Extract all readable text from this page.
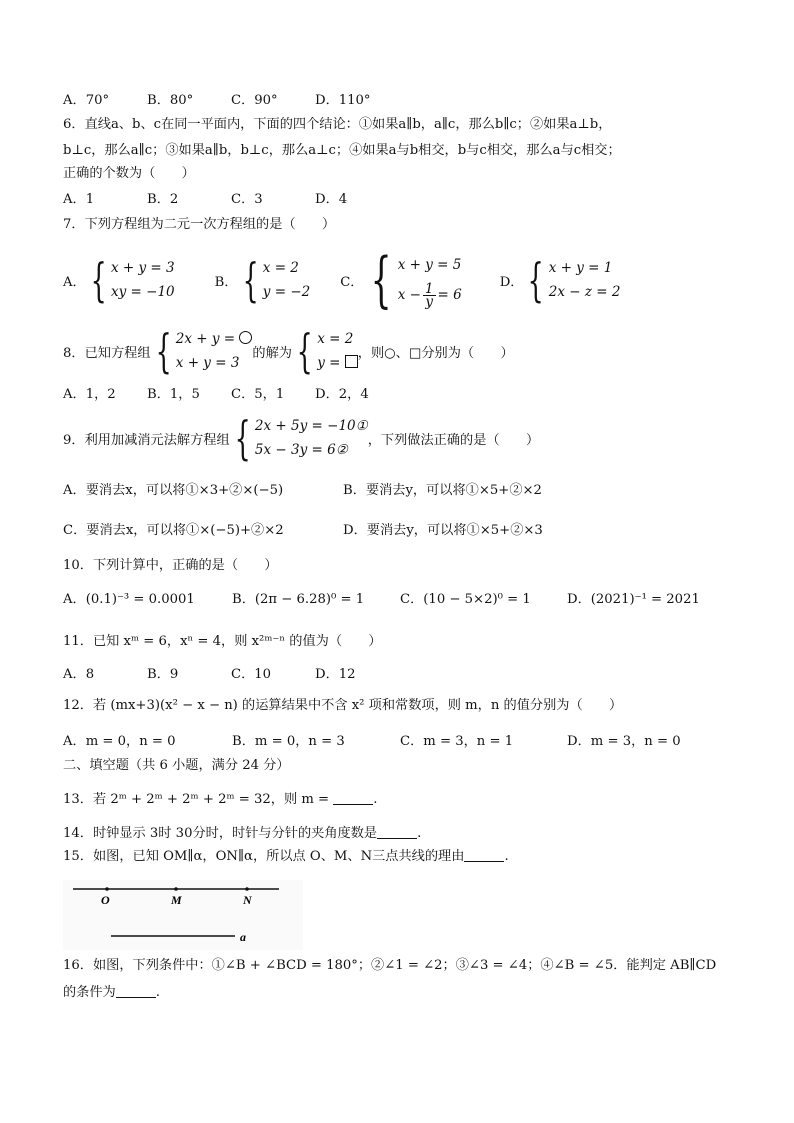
A．70°	B．80°	C．90°	D．110°
6．直线a、b、c在同一平面内，下面的四个结论：①如果a∥b，a∥c，那么b∥c；②如果a⊥b，
b⊥c，那么a∥c；③如果a∥b，b⊥c，那么a⊥c；④如果a与b相交，b与c相交，那么a与c相交；
正确的个数为（　　）
A．1	B．2	C．3	D．4
7．下列方程组为二元一次方程组的是（　　）
A． { x + y = 3
xy = −10
B． { x = 2
y = −2
C． { x + y = 5
$x - \frac{1}{y} = 6$
D． { x + y = 1
2x − z = 2
8．已知方程组 { 2x + y =
x + y = 3
的解为 { x = 2
y =
，则○、□分别为（　　）
A．1，2 B．1，5 C．5，1 D．2，4
9．利用加减消元法解方程组 { 2x + 5y = −10①
5x − 3y = 6②
，下列做法正确的是（　　）
A．要消去x，可以将①×3+②×(−5)	B．要消去y，可以将①×5+②×2
C．要消去x，可以将①×(−5)+②×2	D．要消去y，可以将①×5+②×3
10．下列计算中，正确的是（　　）
A．(0.1)⁻³ = 0.0001	B．(2π − 6.28)⁰ = 1	C．(10 − 5×2)⁰ = 1	D．(2021)⁻¹ = 2021
11．已知 xᵐ = 6，xⁿ = 4，则 x²ᵐ⁻ⁿ 的值为（　　）
A．8	B．9	C．10	D．12
12．若 (mx+3)(x² − x − n) 的运算结果中不含 x² 项和常数项，则 m，n 的值分别为（　　）
A．m = 0，n = 0	B．m = 0，n = 3	C．m = 3，n = 1	D．m = 3，n = 0
二、填空题（共 6 小题，满分 24 分）
13．若 2ᵐ + 2ᵐ + 2ᵐ + 2ᵐ = 32，则 m =	.
14．时钟显示 3时 30分时，时针与分针的夹角度数是	.
15．如图，已知 OM∥α，ON∥α，所以点 O、M、N三点共线的理由	.
O	M	N
a
16．如图，下列条件中：①∠B + ∠BCD = 180°；②∠1 = ∠2；③∠3 = ∠4；④∠B = ∠5．能判定 AB∥CD
的条件为	.
